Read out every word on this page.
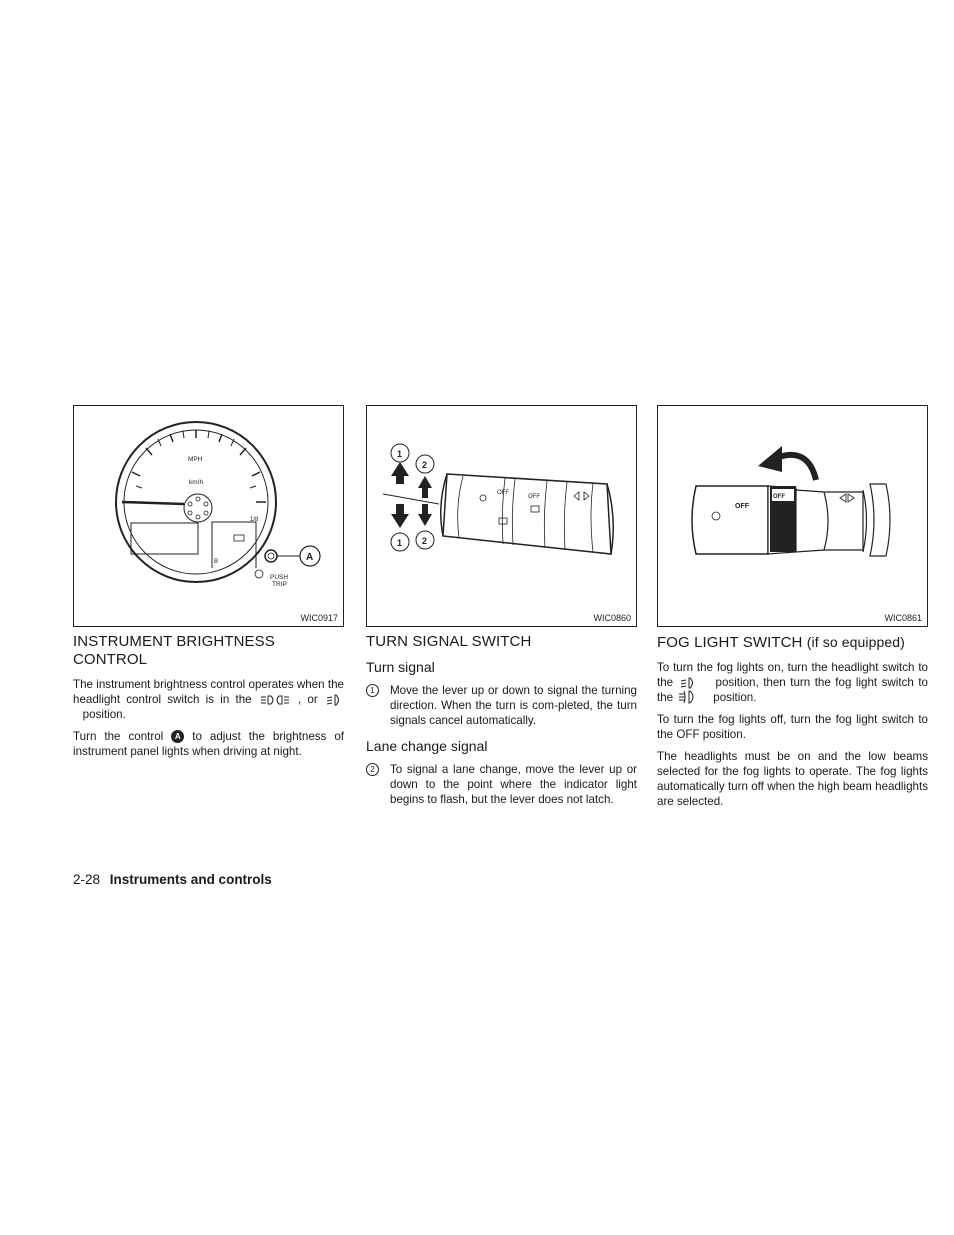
MPH
km/h
1/8
B	A
PUSH
TRIP
WIC0917
INSTRUMENT BRIGHTNESS CONTROL

The instrument brightness control operates when the headlight control switch is in the	, or     position.

Turn the control A to adjust the brightness of instrument panel lights when driving at night.

1
2
1 2
OFF
OFF
WIC0860
TURN SIGNAL SWITCH
Turn signal
1	Move the lever up or down to signal the turning direction. When the turn is com-pleted, the turn signals cancel automatically.
Lane change signal
2	To signal a lane change, move the lever up or down to the point where the indicator light begins to flash, but the lever does not latch.
OFF
OFF
WIC0861
FOG LIGHT SWITCH (if so equipped)

To turn the fog lights on, turn the headlight switch to the	position, then turn the fog light switch to the	position.

To turn the fog lights off, turn the fog light switch to the OFF position.

The headlights must be on and the low beams selected for the fog lights to operate. The fog lights automatically turn off when the high beam headlights are selected.

2-28 Instruments and controls
